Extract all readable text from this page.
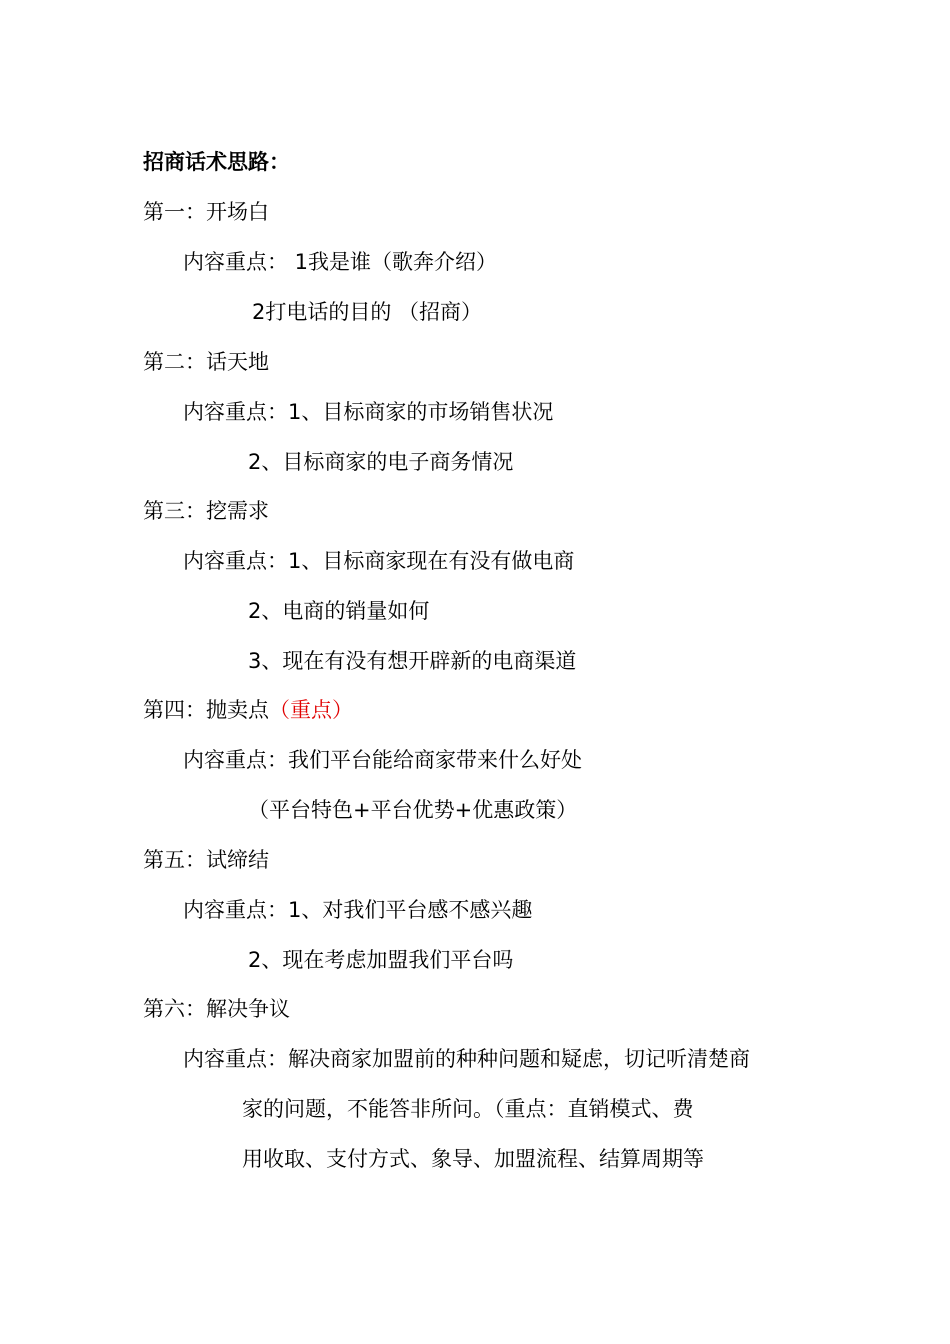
招商话术思路：
第一：开场白
内容重点： 1我是谁（歌奔介绍）
2打电话的目的 （招商）
第二：话天地
内容重点：1、目标商家的市场销售状况
2、目标商家的电子商务情况
第三：挖需求
内容重点：1、目标商家现在有没有做电商
2、电商的销量如何
3、现在有没有想开辟新的电商渠道
第四：抛卖点（重点）
内容重点：我们平台能给商家带来什么好处
（平台特色+平台优势+优惠政策）
第五：试缔结
内容重点：1、对我们平台感不感兴趣
2、现在考虑加盟我们平台吗
第六：解决争议
内容重点：解决商家加盟前的种种问题和疑虑，切记听清楚商
家的问题，不能答非所问。（重点：直销模式、费
用收取、支付方式、象导、加盟流程、结算周期等
